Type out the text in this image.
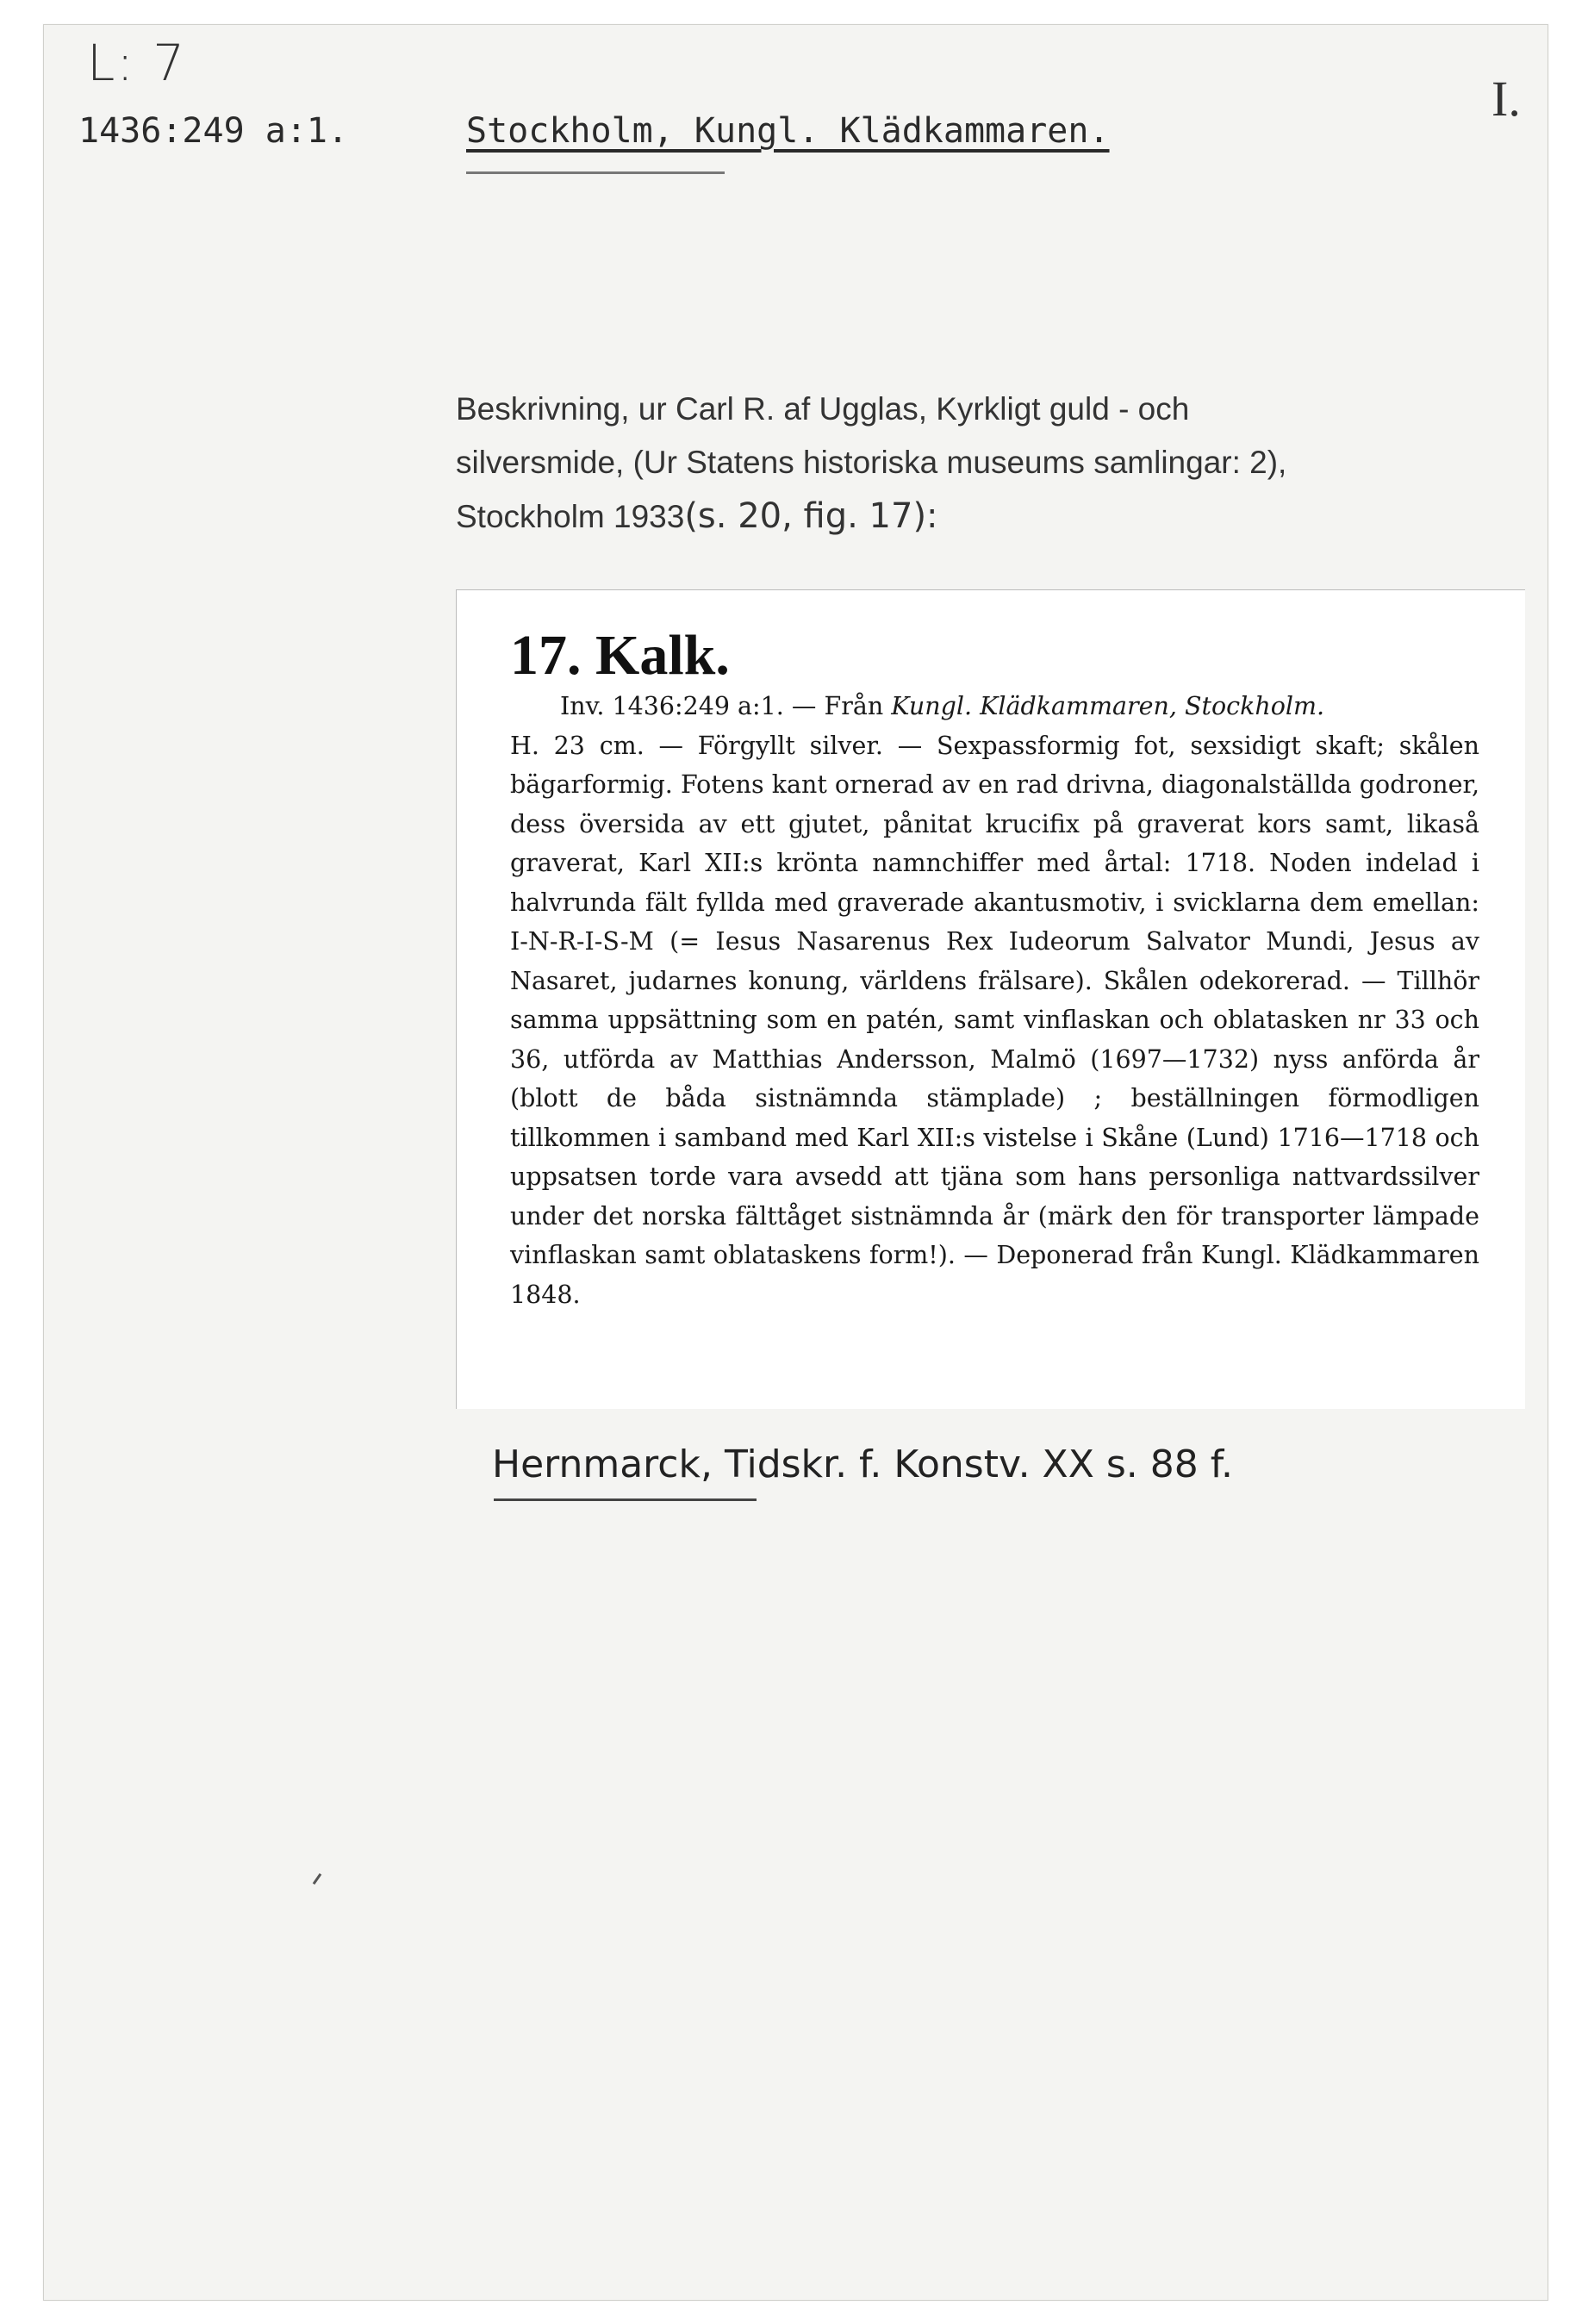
L: 7
I.
1436:249 a:1.	Stockholm, Kungl. Klädkammaren.
Beskrivning, ur Carl R. af Ugglas, Kyrkligt guld - och
silversmide, (Ur Statens historiska museums samlingar: 2),
Stockholm 1933(s. 20, fig. 17):
17. Kalk.
Inv. 1436:249 a:1. — Från Kungl. Klädkammaren, Stockholm.
H. 23 cm. — Förgyllt silver. — Sexpassformig fot, sexsidigt skaft; skålen bägarformig. Fotens kant ornerad av en rad drivna, diagonalställda godroner, dess översida av ett gjutet, pånitat krucifix på graverat kors samt, likaså graverat, Karl XII:s krönta namnchiffer med årtal: 1718. Noden indelad i halvrunda fält fyllda med graverade akantusmotiv, i svicklarna dem emellan: I-N-R-I-S-M (= Iesus Nasarenus Rex Iudeorum Salvator Mundi, Jesus av Nasaret, judarnes konung, världens frälsare). Skålen odekorerad. — Tillhör samma uppsättning som en patén, samt vinflaskan och oblatasken nr 33 och 36, utförda av Matthias Andersson, Malmö (1697—1732) nyss anförda år (blott de båda sistnämnda stämplade) ; beställningen förmodligen tillkommen i samband med Karl XII:s vistelse i Skåne (Lund) 1716—1718 och uppsatsen torde vara avsedd att tjäna som hans personliga nattvardssilver under det norska fälttåget sistnämnda år (märk den för transporter lämpade vinflaskan samt oblataskens form!). — Deponerad från Kungl. Klädkammaren 1848.
Hernmarck, Tidskr. f. Konstv. XX s. 88 f.
